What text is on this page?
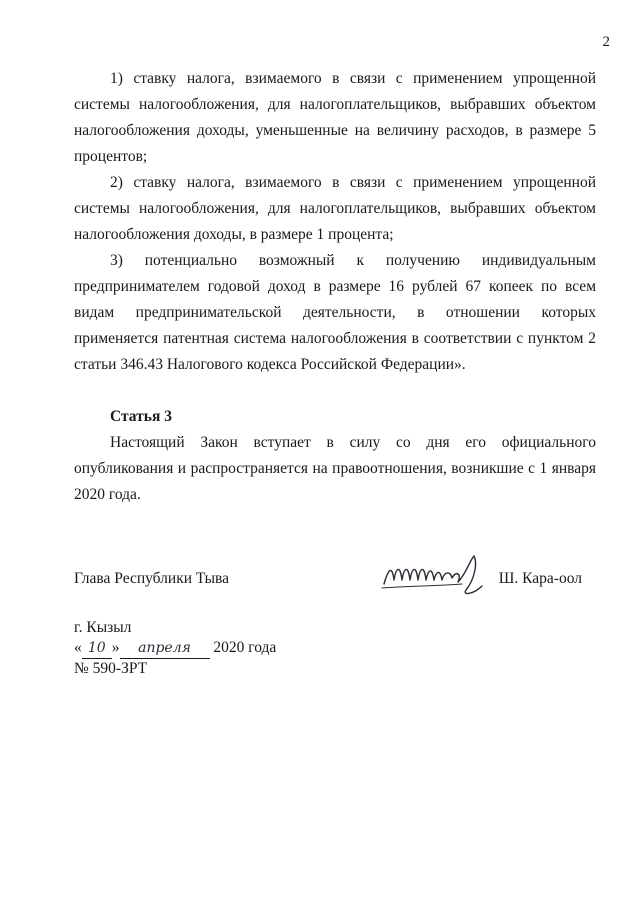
2

1) ставку налога, взимаемого в связи с применением упрощенной системы налогообложения, для налогоплательщиков, выбравших объектом налогообложения доходы, уменьшенные на величину расходов, в размере 5 процентов;

2) ставку налога, взимаемого в связи с применением упрощенной системы налогообложения, для налогоплательщиков, выбравших объектом налогообложения доходы, в размере 1 процента;

3) потенциально возможный к получению индивидуальным предпринимателем годовой доход в размере 16 рублей 67 копеек по всем видам предпринимательской деятельности, в отношении которых применяется патентная система налогообложения в соответствии с пунктом 2 статьи 346.43 Налогового кодекса Российской Федерации».

Статья 3

Настоящий Закон вступает в силу со дня его официального опубликования и распространяется на правоотношения, возникшие с 1 января 2020 года.

Глава Республики Тыва	Ш. Кара-оол
г. Кызыл
« 10 » апреля 2020 года
№ 590-ЗРТ
